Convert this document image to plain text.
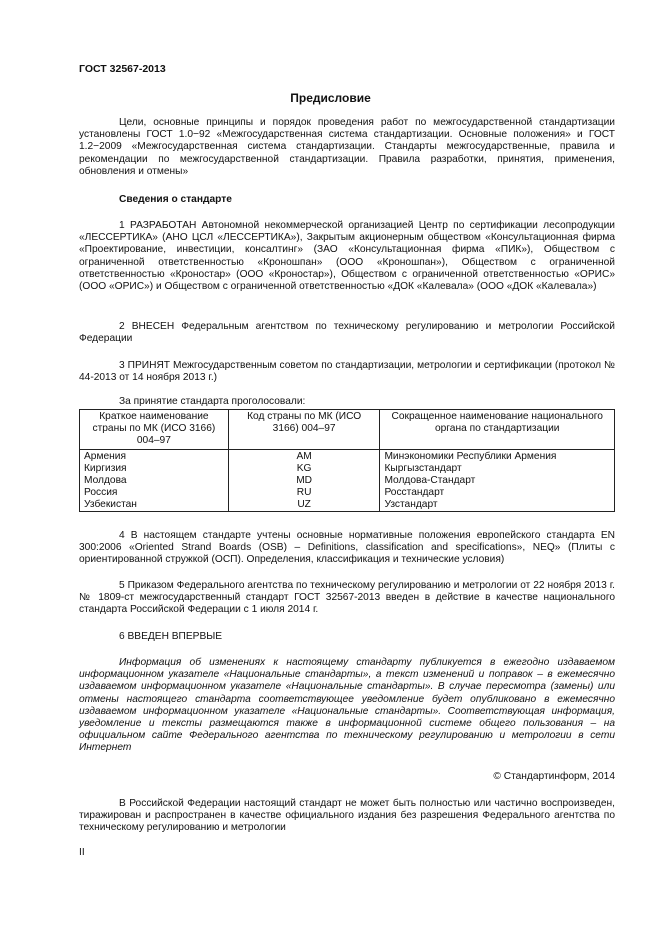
ГОСТ 32567-2013
Предисловие
Цели, основные принципы и порядок проведения работ по межгосударственной стандартизации установлены ГОСТ 1.0−92 «Межгосударственная система стандартизации. Основные положения» и ГОСТ 1.2−2009 «Межгосударственная система стандартизации. Стандарты межгосударственные, правила и рекомендации по межгосударственной стандартизации. Правила разработки, принятия, применения, обновления и отмены»
Сведения о стандарте
1 РАЗРАБОТАН Автономной некоммерческой организацией Центр по сертификации лесопродукции «ЛЕССЕРТИКА» (АНО ЦСЛ «ЛЕССЕРТИКА»), Закрытым акционерным обществом «Консультационная фирма «Проектирование, инвестиции, консалтинг» (ЗАО «Консультационная фирма «ПИК»), Обществом с ограниченной ответственностью «Кроношпан» (ООО «Кроношпан»), Обществом с ограниченной ответственностью «Кроностар» (ООО «Кроностар»), Обществом с ограниченной ответственностью «ОРИС» (ООО «ОРИС») и Обществом с ограниченной ответственностью «ДОК «Калевала» (ООО «ДОК «Калевала»)
2 ВНЕСЕН Федеральным агентством по техническому регулированию и метрологии Российской Федерации
3 ПРИНЯТ Межгосударственным советом по стандартизации, метрологии и сертификации (протокол № 44-2013 от 14 ноября 2013 г.)
За принятие стандарта проголосовали:
Краткое наименование страны по МК (ИСО 3166) 004–97	Код страны по МК (ИСО 3166) 004–97	Сокращенное наименование национального органа по стандартизации
Армения	AM	Минэкономики Республики Армения
Киргизия	KG	Кыргызстандарт
Молдова	MD	Молдова-Стандарт
Россия	RU	Росстандарт
Узбекистан	UZ	Узстандарт
4 В настоящем стандарте учтены основные нормативные положения европейского стандарта EN 300:2006 «Oriented Strand Boards (OSB) – Definitions, classification and specifications», NEQ» (Плиты с ориентированной стружкой (ОСП). Определения, классификация и технические условия)
5 Приказом Федерального агентства по техническому регулированию и метрологии от 22 ноября 2013 г. № 1809-ст межгосударственный стандарт ГОСТ 32567-2013 введен в действие в качестве национального стандарта Российской Федерации с 1 июля 2014 г.
6 ВВЕДЕН ВПЕРВЫЕ
Информация об изменениях к настоящему стандарту публикуется в ежегодно издаваемом информационном указателе «Национальные стандарты», а текст изменений и поправок – в ежемесячно издаваемом информационном указателе «Национальные стандарты». В случае пересмотра (замены) или отмены настоящего стандарта соответствующее уведомление будет опубликовано в ежемесячно издаваемом информационном указателе «Национальные стандарты». Соответствующая информация, уведомление и тексты размещаются также в информационной системе общего пользования – на официальном сайте Федерального агентства по техническому регулированию и метрологии в сети Интернет
© Стандартинформ, 2014
В Российской Федерации настоящий стандарт не может быть полностью или частично воспроизведен, тиражирован и распространен в качестве официального издания без разрешения Федерального агентства по техническому регулированию и метрологии
II
